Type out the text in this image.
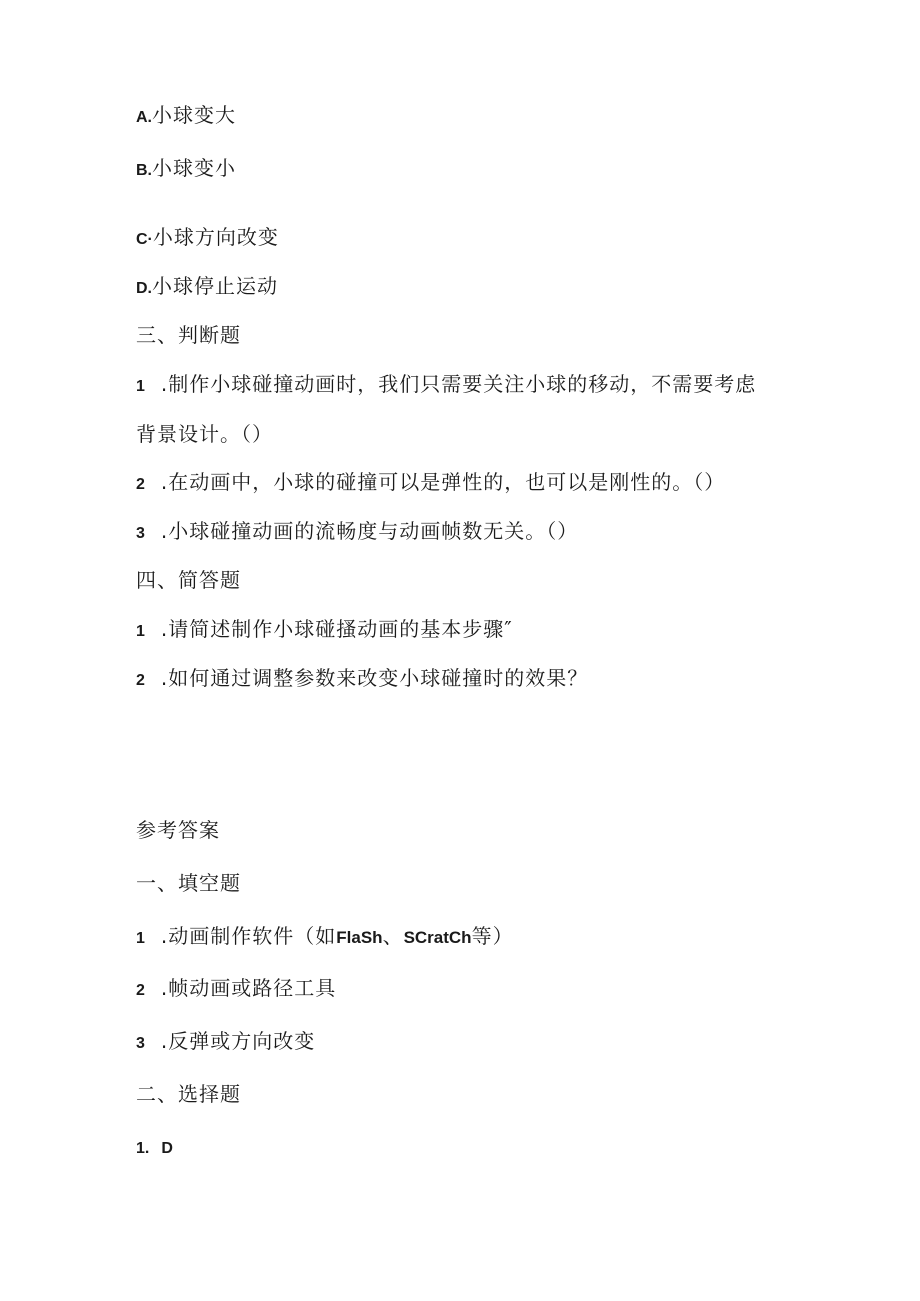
A.小球变大
B.小球变小
C·小球方向改变
D.小球停止运动
三、判断题
1 .制作小球碰撞动画时，我们只需要关注小球的移动，不需要考虑
背景设计。（）
2 .在动画中，小球的碰撞可以是弹性的，也可以是刚性的。（）
3 .小球碰撞动画的流畅度与动画帧数无关。（）
四、简答题
1 .请简述制作小球碰搔动画的基本步骤″
2 .如何通过调整参数来改变小球碰撞时的效果？
参考答案
一、填空题
1 .动画制作软件（如FlaSh、SCratCh等）
2 .帧动画或路径工具
3 .反弹或方向改变
二、选择题
1. D
